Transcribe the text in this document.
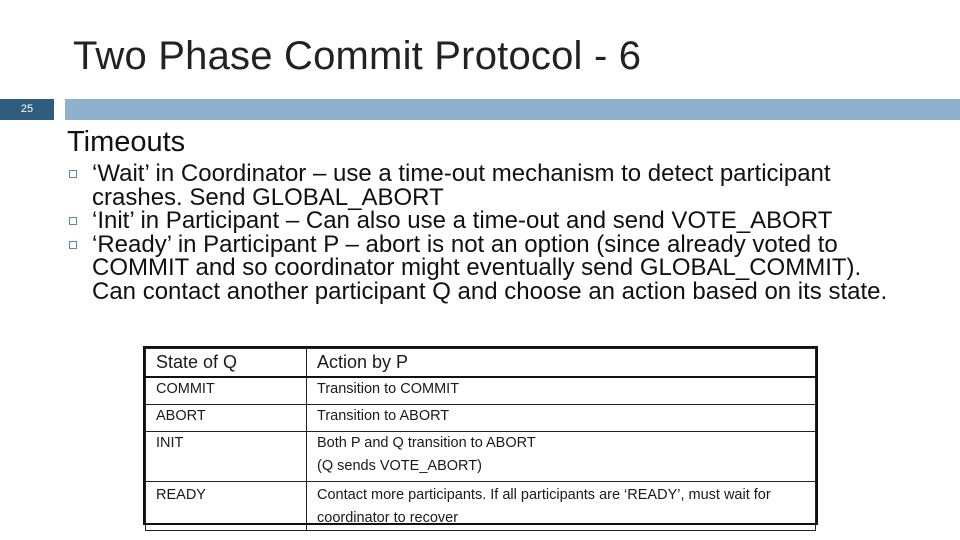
Two Phase Commit Protocol - 6
25
Timeouts
‘Wait’ in Coordinator – use a time-out mechanism to detect participant crashes. Send GLOBAL_ABORT
‘Init’ in Participant – Can also use a time-out and send VOTE_ABORT
‘Ready’ in Participant P – abort is not an option (since already voted to COMMIT and so coordinator might eventually send GLOBAL_COMMIT). Can contact another participant Q and choose an action based on its state.
State of Q	Action by P
COMMIT	Transition to COMMIT
ABORT	Transition to ABORT
INIT	Both P and Q transition to ABORT
(Q sends VOTE_ABORT)

READY	Contact more participants. If all participants are ‘READY’, must wait for coordinator to recover
